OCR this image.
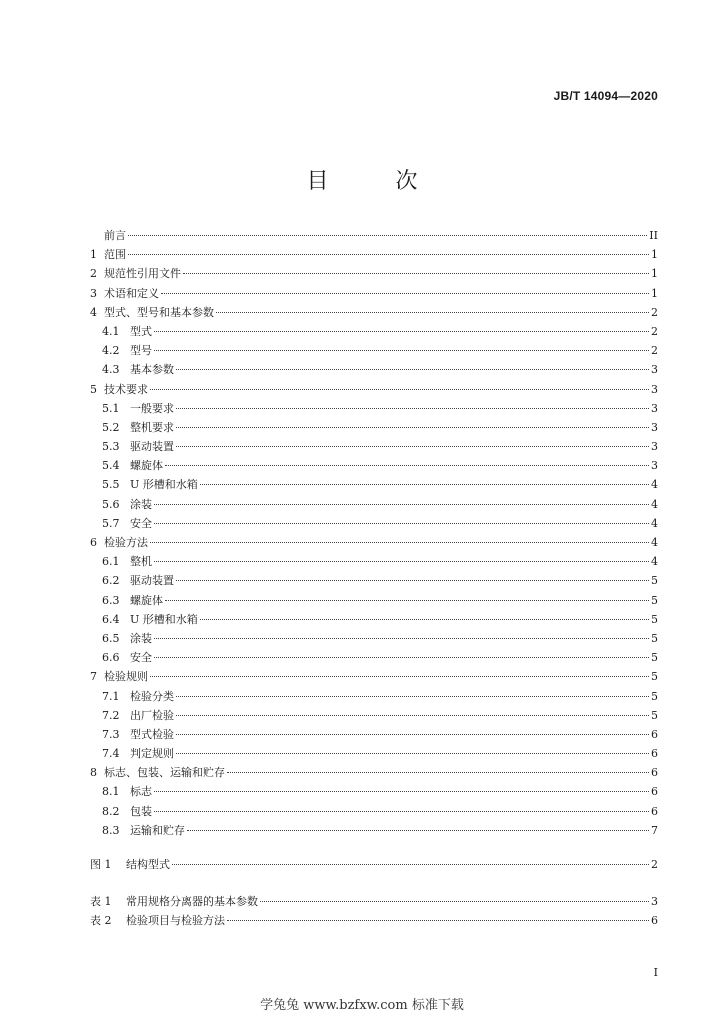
JB/T 14094—2020
目 次
前言	II
1 范围	1
2 规范性引用文件	1
3 术语和定义	1
4 型式、型号和基本参数	2
4.1 型式	2
4.2 型号	2
4.3 基本参数	3
5 技术要求	3
5.1 一般要求	3
5.2 整机要求	3
5.3 驱动装置	3
5.4 螺旋体	3
5.5 U 形槽和水箱	4
5.6 涂装	4
5.7 安全	4
6 检验方法	4
6.1 整机	4
6.2 驱动装置	5
6.3 螺旋体	5
6.4 U 形槽和水箱	5
6.5 涂装	5
6.6 安全	5
7 检验规则	5
7.1 检验分类	5
7.2 出厂检验	5
7.3 型式检验	6
7.4 判定规则	6
8 标志、包装、运输和贮存	6
8.1 标志	6
8.2 包装	6
8.3 运输和贮存	7
图 1	结构型式	2
表 1	常用规格分离器的基本参数	3
表 2	检验项目与检验方法	6
I
学兔兔 www.bzfxw.com 标准下载
